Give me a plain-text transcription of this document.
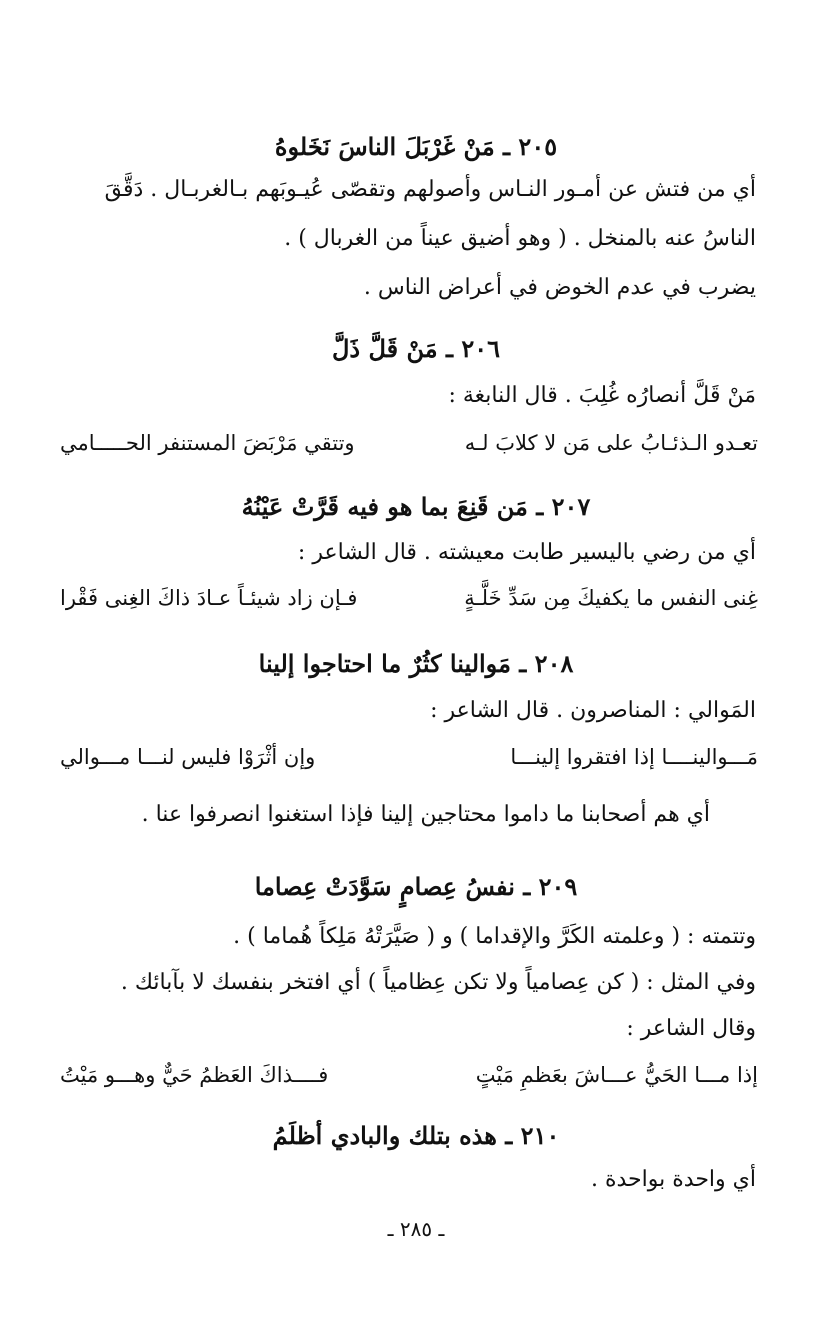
٢٠٥ ـ مَنْ غَرْبَلَ الناسَ نَخَلوهُ
أي من فتش عن أمـور النـاس وأصولهم وتقصّى عُيـوبَهم بـالغربـال . دَقَّقَ
الناسُ عنه بالمنخل . ( وهو أضيق عيناً من الغربال ) .
يضرب في عدم الخوض في أعراض الناس .
٢٠٦ ـ مَنْ قَلَّ ذَلَّ
مَنْ قَلَّ أنصارُه غُلِبَ . قال النابغة :
تعـدو الـذئـابُ على مَن لا كلابَ لـه
وتتقي مَرْبَضَ المستنفر الحـــــامي
٢٠٧ ـ مَن قَنِعَ بما هو فيه قَرَّتْ عَيْنُهُ
أي من رضي باليسير طابت معيشته . قال الشاعر :
غِنى النفس ما يكفيكَ مِن سَدِّ خَلَّـةٍ
فـإن زاد شيئـاً عـادَ ذاكَ الغِنى فَقْرا
٢٠٨ ـ مَوالينا كثُرٌ ما احتاجوا إلينا
المَوالي : المناصرون . قال الشاعر :
مَـــوالينــــا إذا افتقروا إلينـــا
وإن أثْرَوْا فليس لنـــا مـــوالي
أي هم أصحابنا ما داموا محتاجين إلينا فإذا استغنوا انصرفوا عنا .
٢٠٩ ـ نفسُ عِصامٍ سَوَّدَتْ عِصاما
وتتمته : ( وعلمته الكَرَّ والإقداما ) و ( صَيَّرَتْهُ مَلِكاً هُماما ) .
وفي المثل : ( كن عِصامياً ولا تكن عِظامياً ) أي افتخر بنفسك لا بآبائك .
وقال الشاعر :
إذا مـــا الحَيُّ عـــاشَ بعَظمِ مَيْتٍ
فــــذاكَ العَظمُ حَيٌّ وهـــو مَيْتُ
٢١٠ ـ هذه بتلك والبادي أظلَمُ
أي واحدة بواحدة .
ـ ٢٨٥ ـ
